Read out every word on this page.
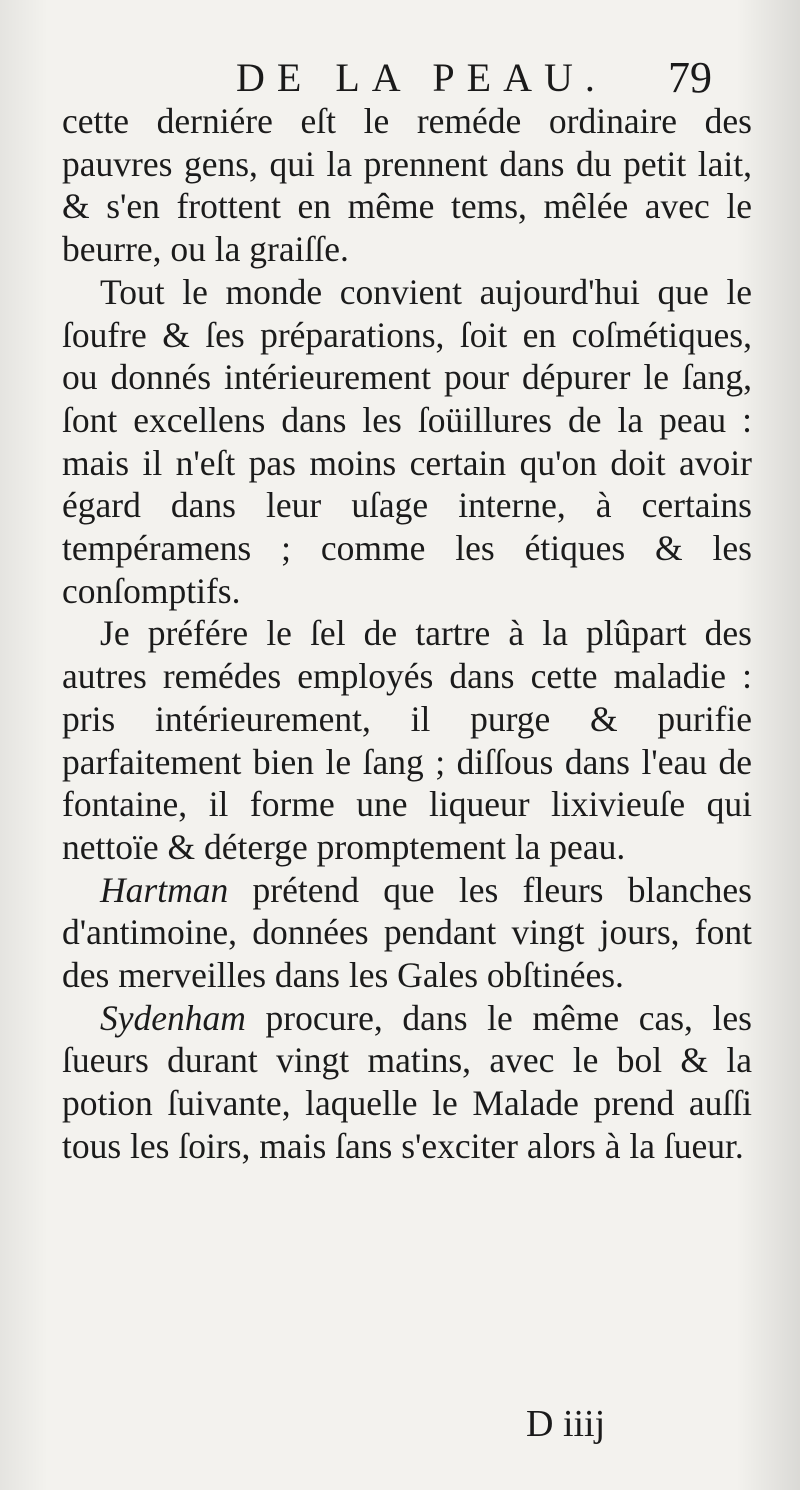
DE LA PEAU. 79

cette derniére eſt le reméde ordinaire des pauvres gens, qui la prennent dans du petit lait, & s'en frottent en même tems, mêlée avec le beurre, ou la graiſſe.

Tout le monde convient aujourd'hui que le ſoufre & ſes préparations, ſoit en coſmétiques, ou donnés intérieurement pour dépurer le ſang, ſont excellens dans les ſoüillures de la peau : mais il n'eſt pas moins certain qu'on doit avoir égard dans leur uſage interne, à certains tempéramens ; comme les étiques & les conſomptifs.

Je préfére le ſel de tartre à la plûpart des autres remédes employés dans cette maladie : pris intérieurement, il purge & purifie parfaitement bien le ſang ; diſſous dans l'eau de fontaine, il forme une liqueur lixivieuſe qui nettoïe & déterge promptement la peau.

Hartman prétend que les fleurs blanches d'antimoine, données pendant vingt jours, font des merveilles dans les Gales obſtinées.

Sydenham procure, dans le même cas, les ſueurs durant vingt matins, avec le bol & la potion ſuivante, laquelle le Malade prend auſſi tous les ſoirs, mais ſans s'exciter alors à la ſueur.

D iiij
